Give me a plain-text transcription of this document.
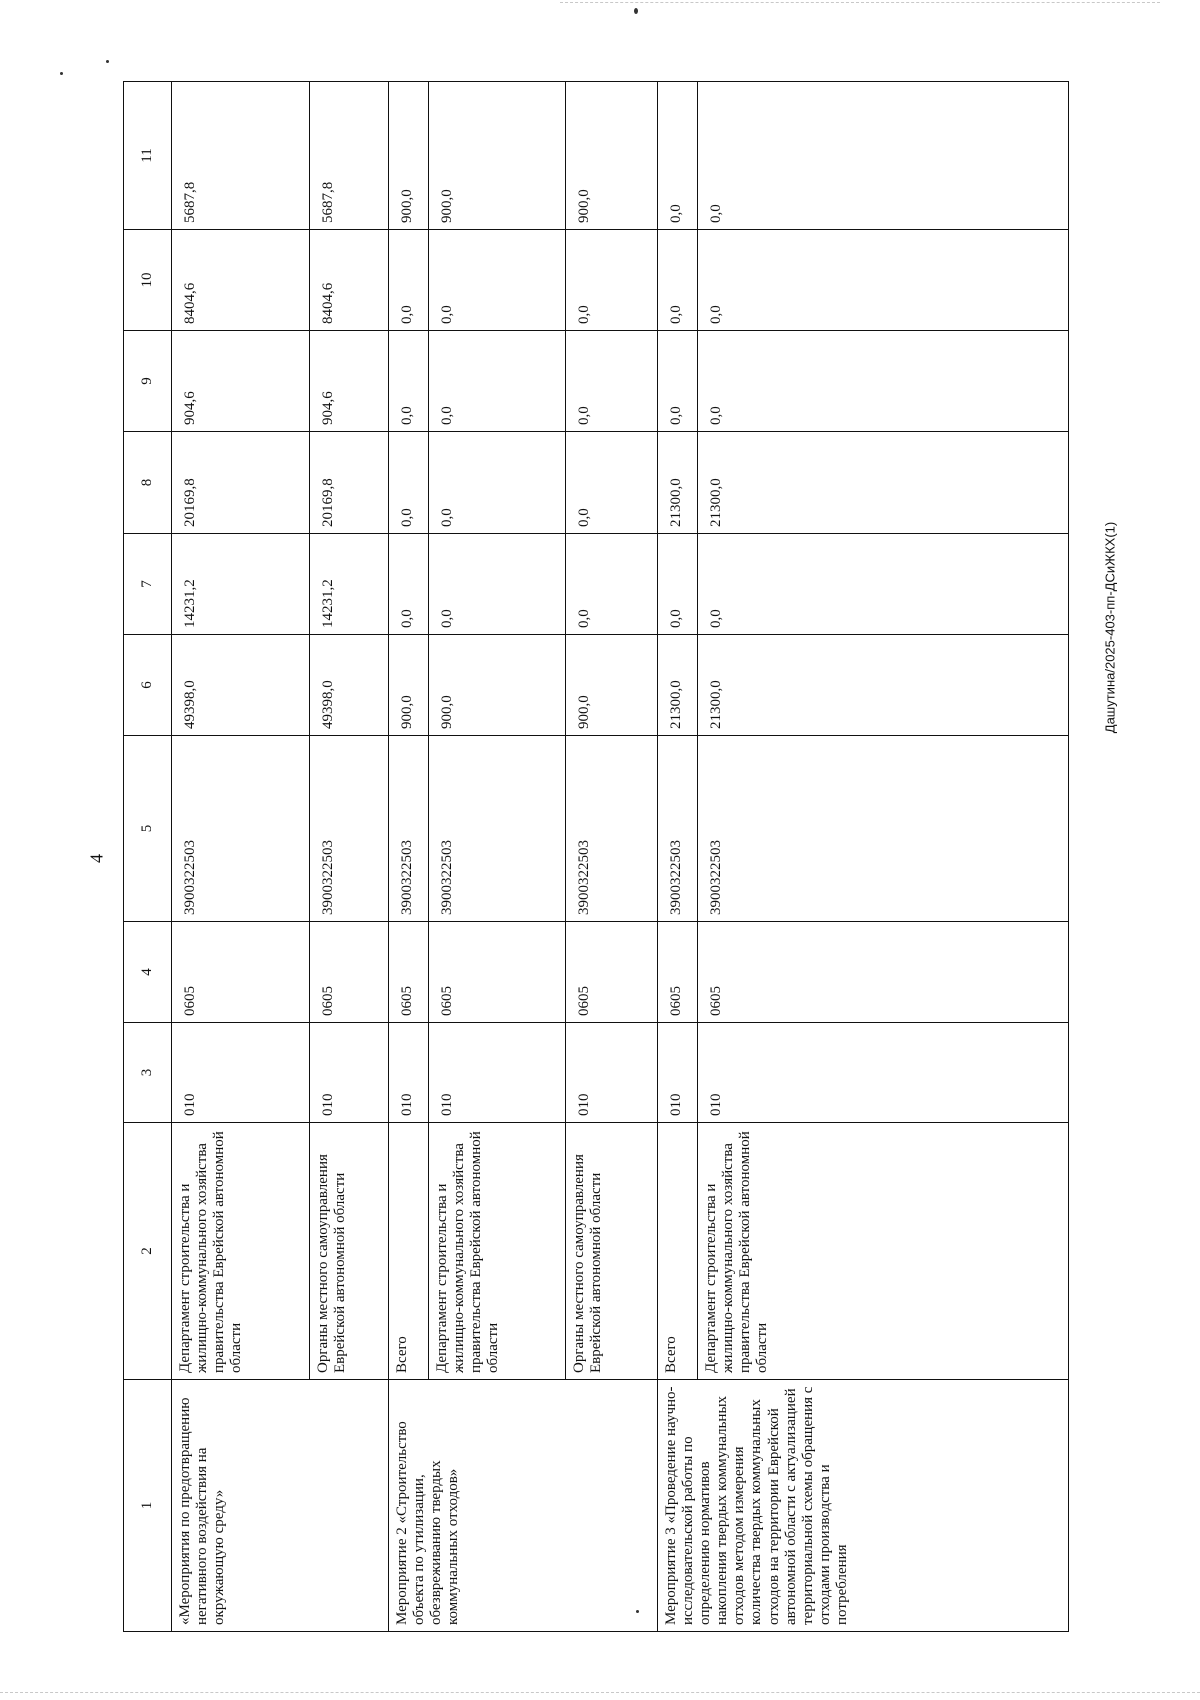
4
Дашутина/2025-403-пп-ДСиЖКХ(1)
1	2	3	4	5	6	7	8	9	10	11
«Мероприятия по предотвращению негативного воздействия на окружающую среду»	Департамент строительства и жилищно-коммунального хозяйства правительства Еврейской автономной области	010	0605	3900322503	49398,0	14231,2	20169,8	904,6	8404,6	5687,8
	Органы местного самоуправления Еврейской автономной области	010	0605	3900322503	49398,0	14231,2	20169,8	904,6	8404,6	5687,8
Мероприятие 2 «Строительство объекта по утилизации, обезвреживанию твердых коммунальных отходов»	Всего	010	0605	3900322503	900,0	0,0	0,0	0,0	0,0	900,0
	Департамент строительства и жилищно-коммунального хозяйства правительства Еврейской автономной области	010	0605	3900322503	900,0	0,0	0,0	0,0	0,0	900,0
	Органы местного самоуправления Еврейской автономной области	010	0605	3900322503	900,0	0,0	0,0	0,0	0,0	900,0
Мероприятие 3 «Проведение научно-исследовательской работы по определению нормативов накопления твердых коммунальных отходов методом измерения количества твердых коммунальных отходов на территории Еврейской автономной области с актуализацией территориальной схемы обращения с отходами производства и потребления	Всего	010	0605	3900322503	21300,0	0,0	21300,0	0,0	0,0	0,0
	Департамент строительства и жилищно-коммунального хозяйства правительства Еврейской автономной области	010	0605	3900322503	21300,0	0,0	21300,0	0,0	0,0	0,0
